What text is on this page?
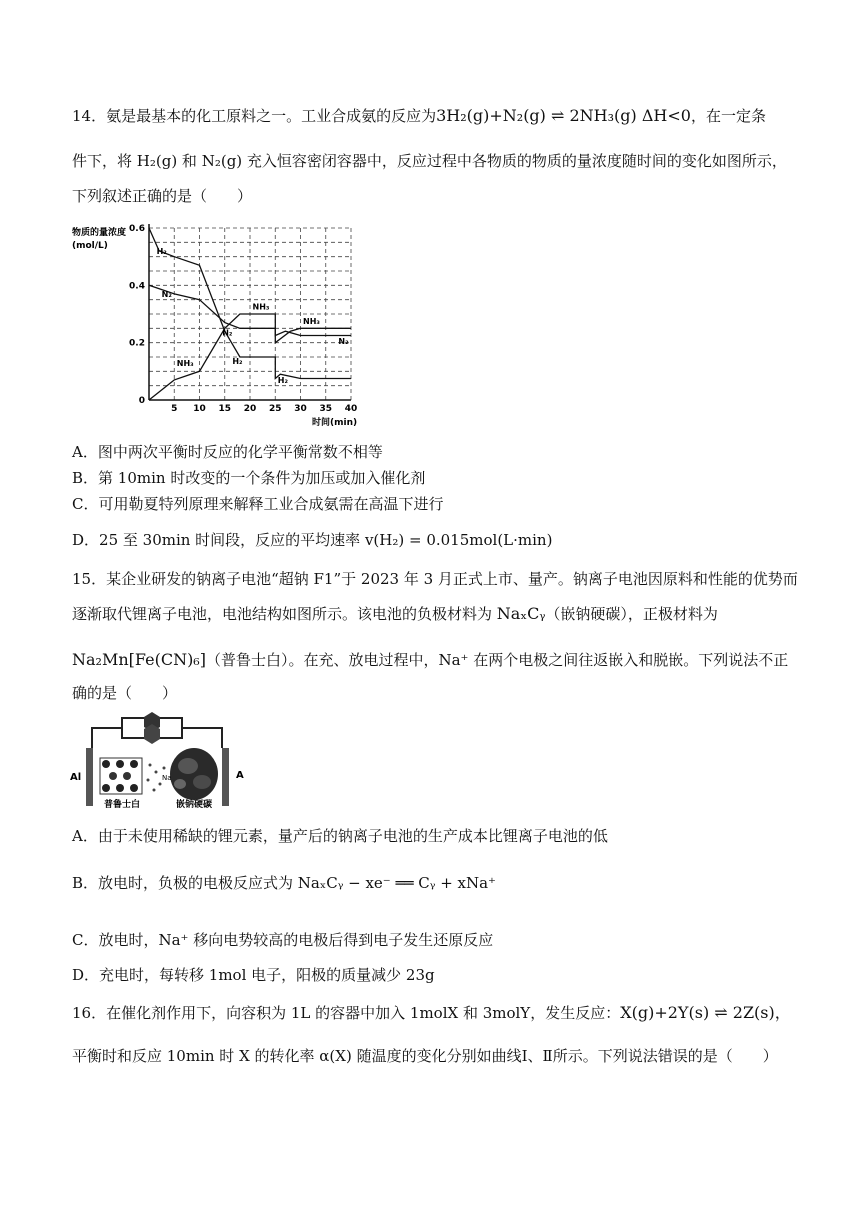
14．氨是最基本的化工原料之一。工业合成氨的反应为3H₂(g)+N₂(g) ⇌ 2NH₃(g) ΔH<0，在一定条
件下，将 H₂(g) 和 N₂(g) 充入恒容密闭容器中，反应过程中各物质的物质的量浓度随时间的变化如图所示，
下列叙述正确的是（　　）
物质的量浓度
(mol/L)
时间(min)
5 10 15 20 25 30 35 40
0
0.2
0.4
0.6
H₂
N₂
NH₃
N₂
NH₃	H₂
NH₃
N₂
H₂
A．图中两次平衡时反应的化学平衡常数不相等
B．第 10min 时改变的一个条件为加压或加入催化剂
C．可用勒夏特列原理来解释工业合成氨需在高温下进行
D．25 至 30min 时间段，反应的平均速率 v(H₂) = 0.015mol(L·min)
15．某企业研发的钠离子电池“超钠 F1”于 2023 年 3 月正式上市、量产。钠离子电池因原料和性能的优势而
逐渐取代锂离子电池，电池结构如图所示。该电池的负极材料为 NaₓCᵧ（嵌钠硬碳），正极材料为
Na₂Mn[Fe(CN)₆]（普鲁士白）。在充、放电过程中，Na⁺ 在两个电极之间往返嵌入和脱嵌。下列说法不正
确的是（　　）
Na
Al	A
普鲁士白	嵌钠硬碳
A．由于未使用稀缺的锂元素，量产后的钠离子电池的生产成本比锂离子电池的低
B．放电时，负极的电极反应式为 NaₓCᵧ − xe⁻ ══ Cᵧ + xNa⁺
C．放电时，Na⁺ 移向电势较高的电极后得到电子发生还原反应
D．充电时，每转移 1mol 电子，阳极的质量减少 23g
16．在催化剂作用下，向容积为 1L 的容器中加入 1molX 和 3molY，发生反应：X(g)+2Y(s) ⇌ 2Z(s)，
平衡时和反应 10min 时 X 的转化率 α(X) 随温度的变化分别如曲线Ⅰ、Ⅱ所示。下列说法错误的是（　　）
